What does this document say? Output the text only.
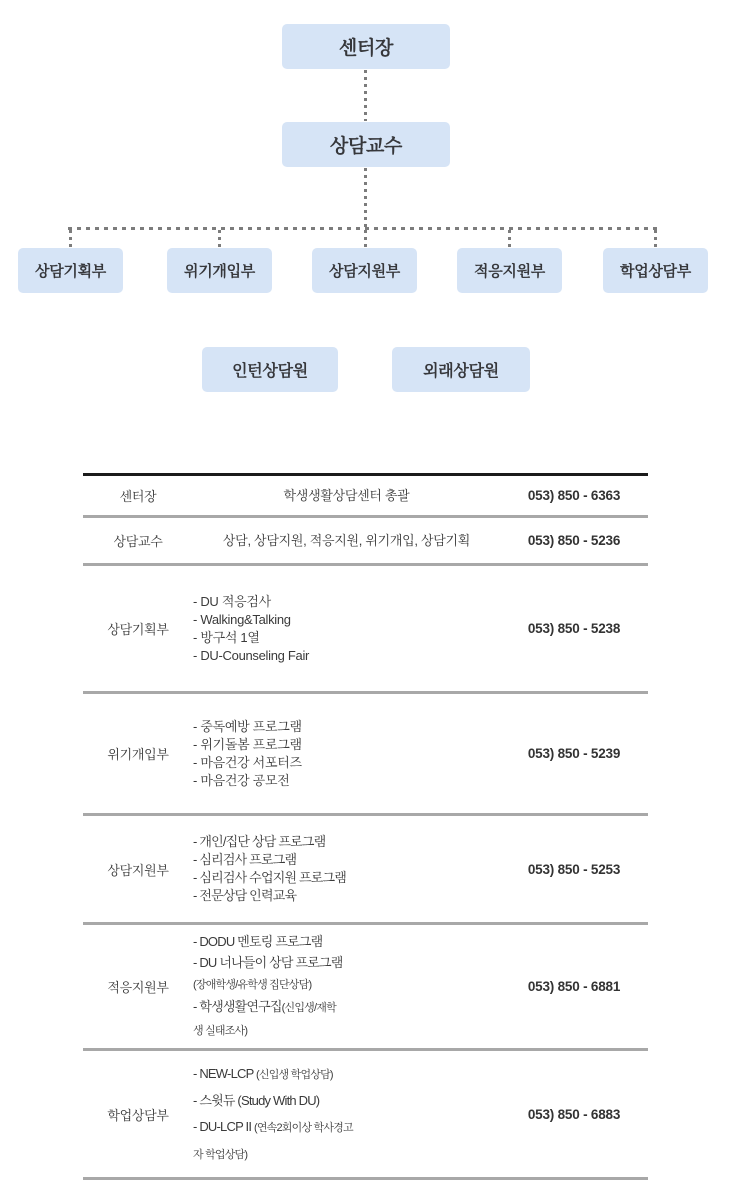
센터장
상담교수
상담기획부	위기개입부	상담지원부	적응지원부	학업상담부
인턴상담원	외래상담원
센터장	학생생활상담센터 총괄	053) 850 - 6363
상담교수	상담, 상담지원, 적응지원, 위기개입, 상담기획	053) 850 - 5236
상담기획부	- DU 적응검사
- Walking&Talking
- 방구석 1열
- DU-Counseling Fair	053) 850 - 5238
위기개입부	- 중독예방 프로그램
- 위기돌봄 프로그램
- 마음건강 서포터즈
- 마음건강 공모전	053) 850 - 5239
상담지원부	- 개인/집단 상담 프로그램
- 심리검사 프로그램
- 심리검사 수업지원 프로그램
- 전문상담 인력교육	053) 850 - 5253
적응지원부	- DODU 멘토링 프로그램
- DU 너나들이 상담 프로그램
(장애학생/유학생 집단상담)
- 학생생활연구집(신입생/재학
생 실태조사)	053) 850 - 6881
학업상담부	- NEW-LCP (신입생 학업상담)
- 스윗듀 (Study With DU)
- DU-LCP II (연속2회이상 학사경고
자 학업상담)	053) 850 - 6883
